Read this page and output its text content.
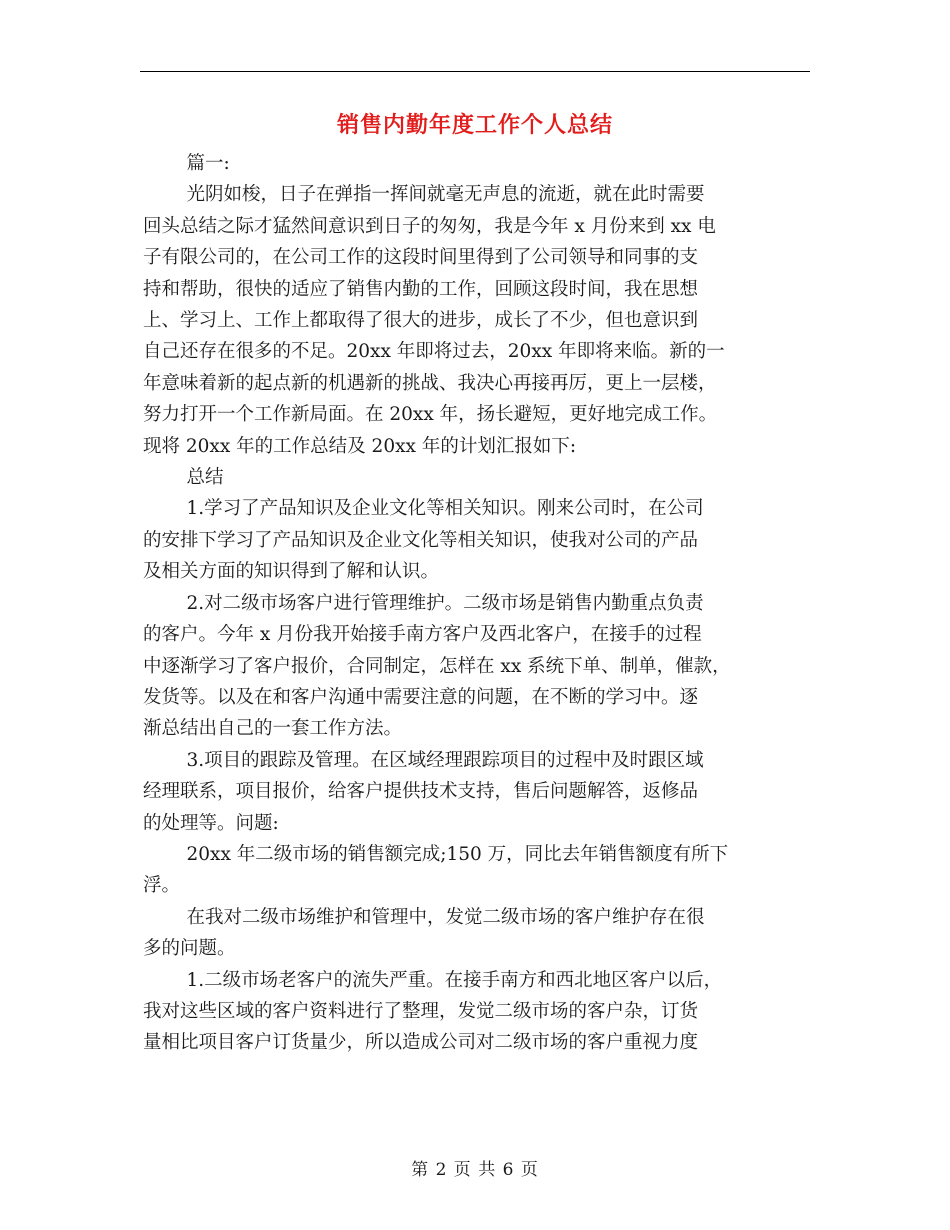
销售内勤年度工作个人总结

篇一:

光阴如梭，日子在弹指一挥间就毫无声息的流逝，就在此时需要

回头总结之际才猛然间意识到日子的匆匆，我是今年 x 月份来到 xx 电

子有限公司的，在公司工作的这段时间里得到了公司领导和同事的支

持和帮助，很快的适应了销售内勤的工作，回顾这段时间，我在思想

上、学习上、工作上都取得了很大的进步，成长了不少，但也意识到

自己还存在很多的不足。20xx 年即将过去，20xx 年即将来临。新的一

年意味着新的起点新的机遇新的挑战、我决心再接再厉，更上一层楼，

努力打开一个工作新局面。在 20xx 年，扬长避短，更好地完成工作。

现将 20xx 年的工作总结及 20xx 年的计划汇报如下:

总结

1.学习了产品知识及企业文化等相关知识。刚来公司时，在公司

的安排下学习了产品知识及企业文化等相关知识，使我对公司的产品

及相关方面的知识得到了解和认识。

2.对二级市场客户进行管理维护。二级市场是销售内勤重点负责

的客户。今年 x 月份我开始接手南方客户及西北客户，在接手的过程

中逐渐学习了客户报价，合同制定，怎样在 xx 系统下单、制单，催款，

发货等。以及在和客户沟通中需要注意的问题，在不断的学习中。逐

渐总结出自己的一套工作方法。

3.项目的跟踪及管理。在区域经理跟踪项目的过程中及时跟区域

经理联系，项目报价，给客户提供技术支持，售后问题解答，返修品

的处理等。问题:

20xx 年二级市场的销售额完成;150 万，同比去年销售额度有所下

浮。

在我对二级市场维护和管理中，发觉二级市场的客户维护存在很

多的问题。

1.二级市场老客户的流失严重。在接手南方和西北地区客户以后，

我对这些区域的客户资料进行了整理，发觉二级市场的客户杂，订货

量相比项目客户订货量少，所以造成公司对二级市场的客户重视力度

第 2 页 共 6 页
